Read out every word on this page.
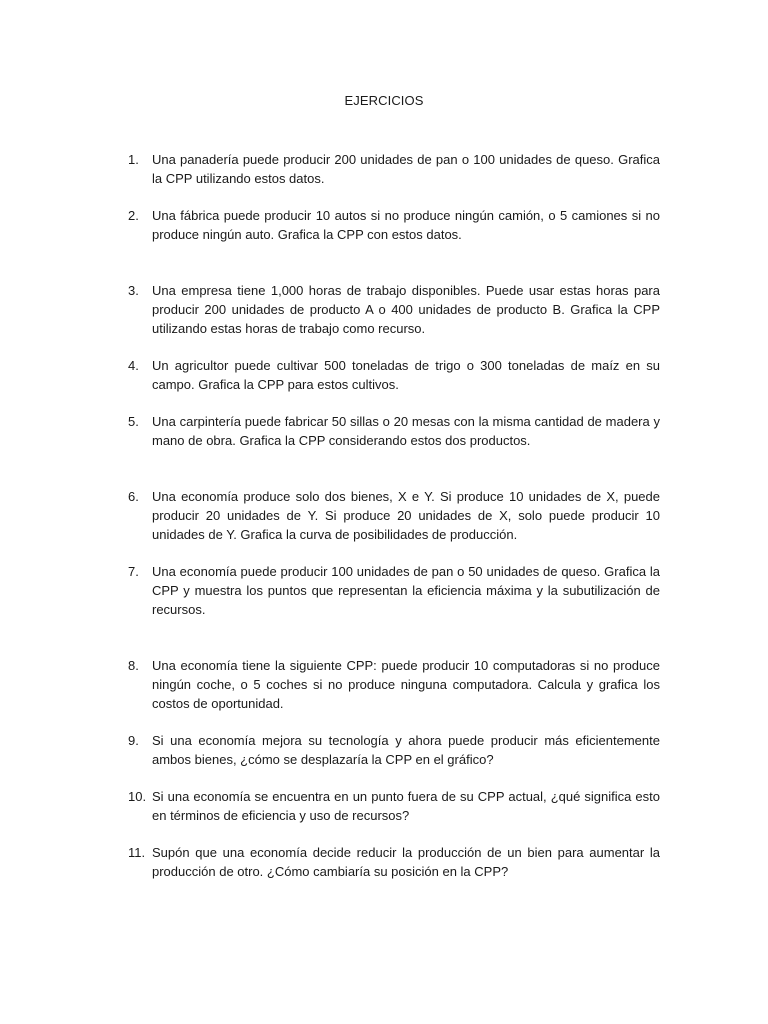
EJERCICIOS
1.	Una panadería puede producir 200 unidades de pan o 100 unidades de queso. Grafica la CPP utilizando estos datos.
2.	Una fábrica puede producir 10 autos si no produce ningún camión, o 5 camiones si no produce ningún auto. Grafica la CPP con estos datos.
3.	Una empresa tiene 1,000 horas de trabajo disponibles. Puede usar estas horas para producir 200 unidades de producto A o 400 unidades de producto B. Grafica la CPP utilizando estas horas de trabajo como recurso.
4.	Un agricultor puede cultivar 500 toneladas de trigo o 300 toneladas de maíz en su campo. Grafica la CPP para estos cultivos.
5.	Una carpintería puede fabricar 50 sillas o 20 mesas con la misma cantidad de madera y mano de obra. Grafica la CPP considerando estos dos productos.
6.	Una economía produce solo dos bienes, X e Y. Si produce 10 unidades de X, puede producir 20 unidades de Y. Si produce 20 unidades de X, solo puede producir 10 unidades de Y. Grafica la curva de posibilidades de producción.
7.	Una economía puede producir 100 unidades de pan o 50 unidades de queso. Grafica la CPP y muestra los puntos que representan la eficiencia máxima y la subutilización de recursos.
8.	Una economía tiene la siguiente CPP: puede producir 10 computadoras si no produce ningún coche, o 5 coches si no produce ninguna computadora. Calcula y grafica los costos de oportunidad.
9.	Si una economía mejora su tecnología y ahora puede producir más eficientemente ambos bienes, ¿cómo se desplazaría la CPP en el gráfico?
10. Si una economía se encuentra en un punto fuera de su CPP actual, ¿qué significa esto en términos de eficiencia y uso de recursos?
11. Supón que una economía decide reducir la producción de un bien para aumentar la producción de otro. ¿Cómo cambiaría su posición en la CPP?
